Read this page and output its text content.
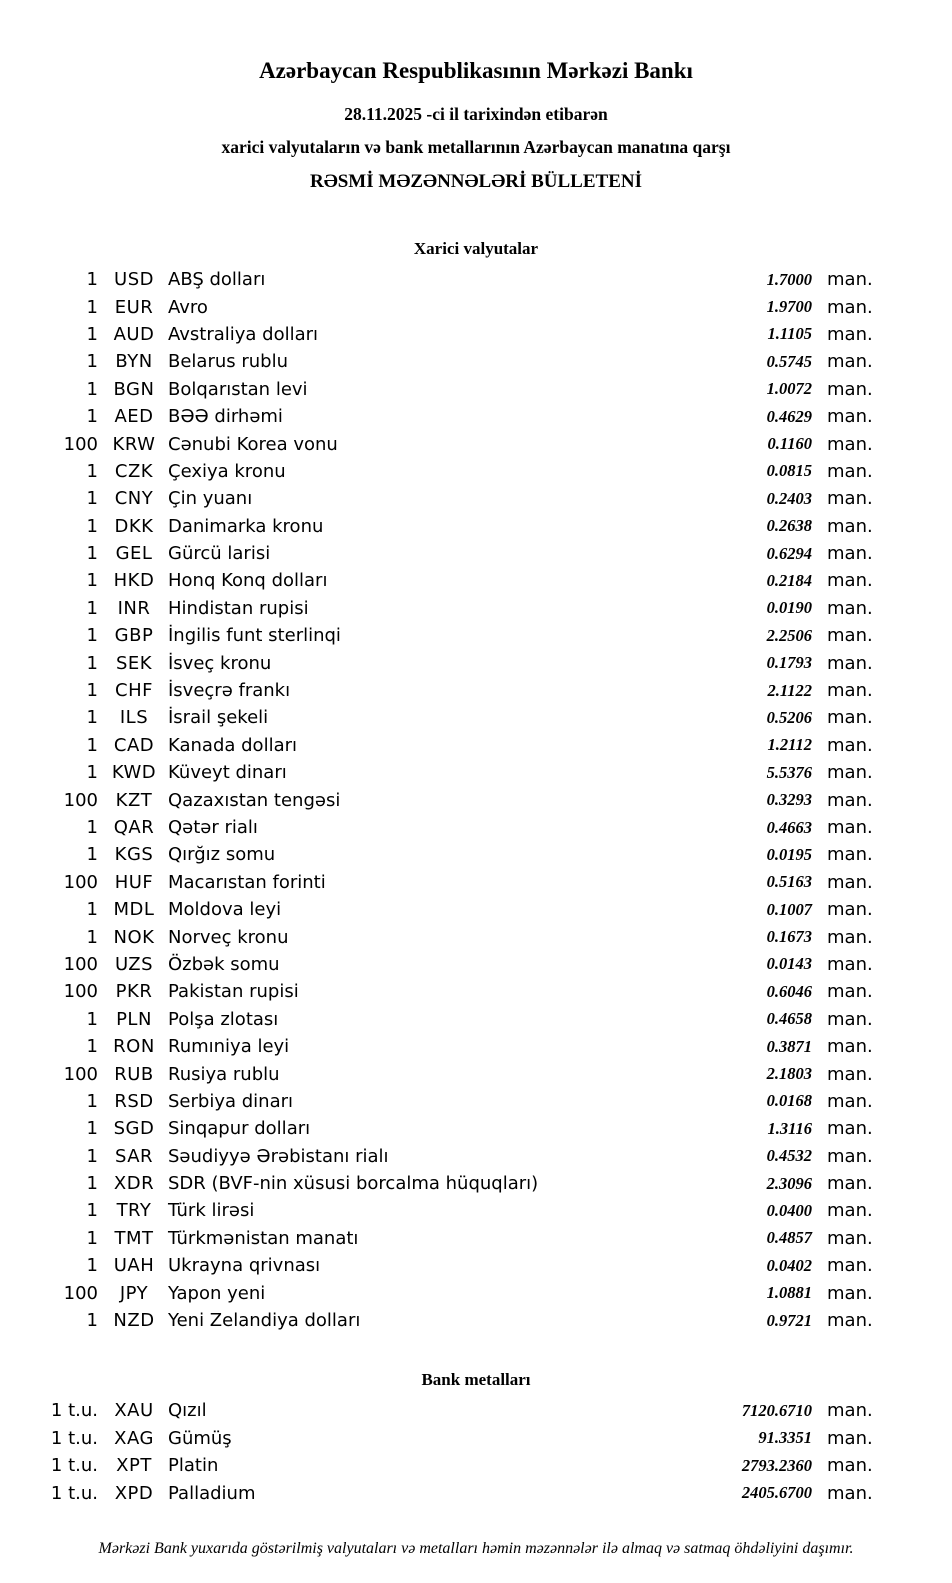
Azərbaycan Respublikasının Mərkəzi Bankı
28.11.2025 -ci il tarixindən etibarən
xarici valyutaların və bank metallarının Azərbaycan manatına qarşı
RƏSMİ MƏZƏNNƏLƏRİ BÜLLETENİ
Xarici valyutalar
1 USD ABŞ dolları	1.7000 man.
1 EUR Avro	1.9700 man.
1 AUD Avstraliya dolları	1.1105 man.
1 BYN Belarus rublu	0.5745 man.
1 BGN Bolqarıstan levi	1.0072 man.
1 AED BƏƏ dirhəmi	0.4629 man.
100 KRW Cənubi Korea vonu	0.1160 man.
1 CZK Çexiya kronu	0.0815 man.
1 CNY Çin yuanı	0.2403 man.
1 DKK Danimarka kronu	0.2638 man.
1 GEL Gürcü larisi	0.6294 man.
1 HKD Honq Konq dolları	0.2184 man.
1	INR Hindistan rupisi	0.0190 man.
1 GBP İngilis funt sterlinqi	2.2506 man.
1 SEK İsveç kronu	0.1793 man.
1 CHF İsveçrə frankı	2.1122 man.
1	ILS	İsrail şekeli	0.5206 man.
1 CAD Kanada dolları	1.2112 man.
1 KWD Küveyt dinarı	5.5376 man.
100 KZT Qazaxıstan tengəsi	0.3293 man.
1 QAR Qətər rialı	0.4663 man.
1 KGS Qırğız somu	0.0195 man.
100 HUF Macarıstan forinti	0.5163 man.
1 MDL Moldova leyi	0.1007 man.
1 NOK Norveç kronu	0.1673 man.
100 UZS Özbək somu	0.0143 man.
100 PKR Pakistan rupisi	0.6046 man.
1	PLN Polşa zlotası	0.4658 man.
1 RON Rumıniya leyi	0.3871 man.
100 RUB Rusiya rublu	2.1803 man.
1 RSD Serbiya dinarı	0.0168 man.
1 SGD Sinqapur dolları	1.3116 man.
1 SAR Səudiyyə Ərəbistanı rialı	0.4532 man.
1 XDR SDR (BVF-nin xüsusi borcalma hüquqları)	2.3096 man.
1	TRY Türk lirəsi	0.0400 man.
1 TMT Türkmənistan manatı	0.4857 man.
1 UAH Ukrayna qrivnası	0.0402 man.
100	JPY	Yapon yeni	1.0881 man.
1 NZD Yeni Zelandiya dolları	0.9721 man.
Bank metalları
1 t.u. XAU Qızıl	7120.6710 man.
1 t.u. XAG Gümüş	91.3351 man.
1 t.u.	XPT Platin	2793.2360 man.
1 t.u. XPD Palladium	2405.6700 man.
Mərkəzi Bank yuxarıda göstərilmiş valyutaları və metalları həmin məzənnələr ilə almaq və satmaq öhdəliyini daşımır.
